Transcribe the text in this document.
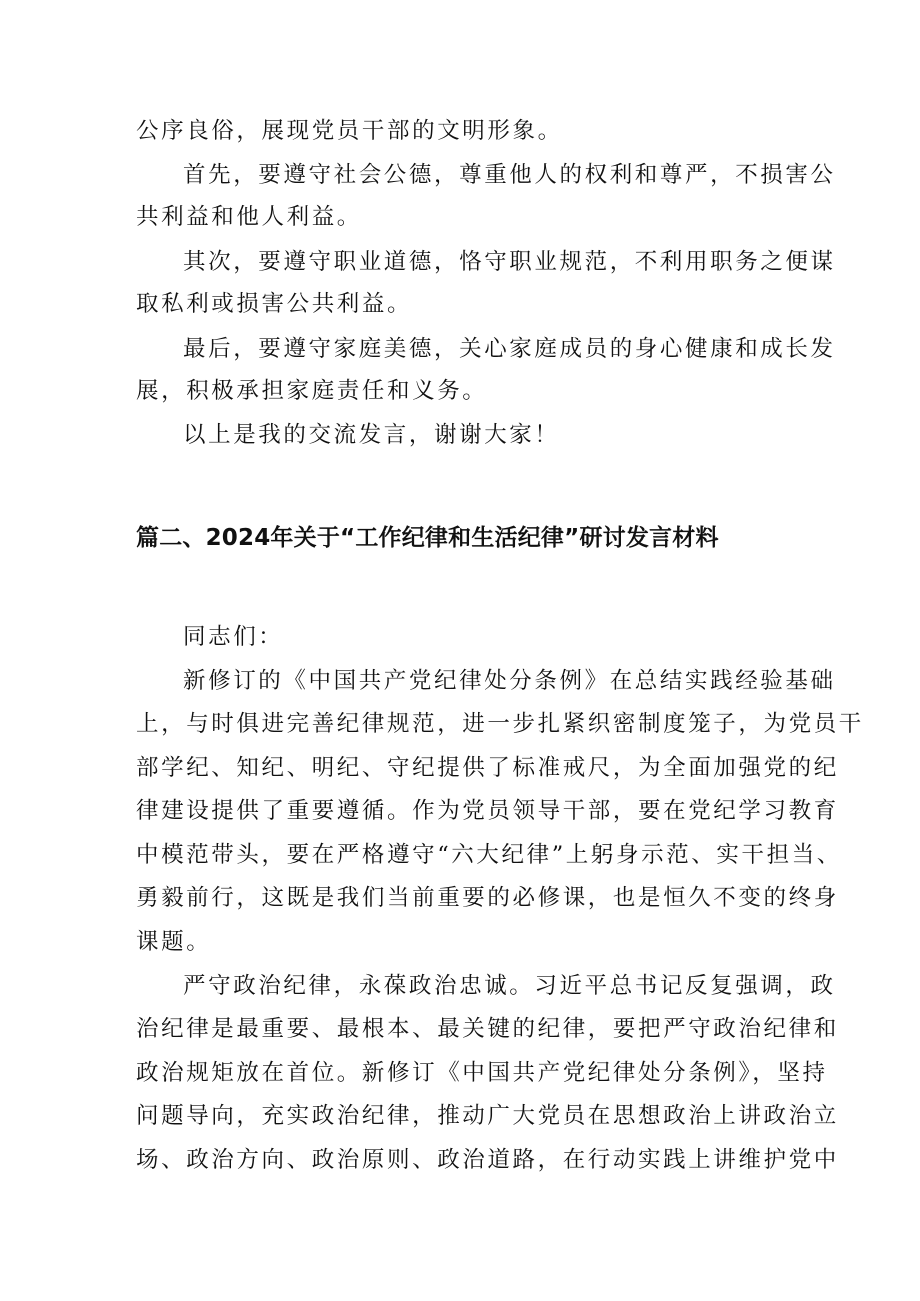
公序良俗，展现党员干部的文明形象。
首先，要遵守社会公德，尊重他人的权利和尊严，不损害公
共利益和他人利益。
其次，要遵守职业道德，恪守职业规范，不利用职务之便谋
取私利或损害公共利益。
最后，要遵守家庭美德，关心家庭成员的身心健康和成长发
展，积极承担家庭责任和义务。
以上是我的交流发言，谢谢大家！
篇二、2024年关于“工作纪律和生活纪律”研讨发言材料
同志们：
新修订的《中国共产党纪律处分条例》在总结实践经验基础
上，与时俱进完善纪律规范，进一步扎紧织密制度笼子，为党员干
部学纪、知纪、明纪、守纪提供了标准戒尺，为全面加强党的纪
律建设提供了重要遵循。作为党员领导干部，要在党纪学习教育
中模范带头，要在严格遵守“六大纪律”上躬身示范、实干担当、
勇毅前行，这既是我们当前重要的必修课，也是恒久不变的终身
课题。
严守政治纪律，永葆政治忠诚。习近平总书记反复强调，政
治纪律是最重要、最根本、最关键的纪律，要把严守政治纪律和
政治规矩放在首位。新修订《中国共产党纪律处分条例》，坚持
问题导向，充实政治纪律，推动广大党员在思想政治上讲政治立
场、政治方向、政治原则、政治道路，在行动实践上讲维护党中
